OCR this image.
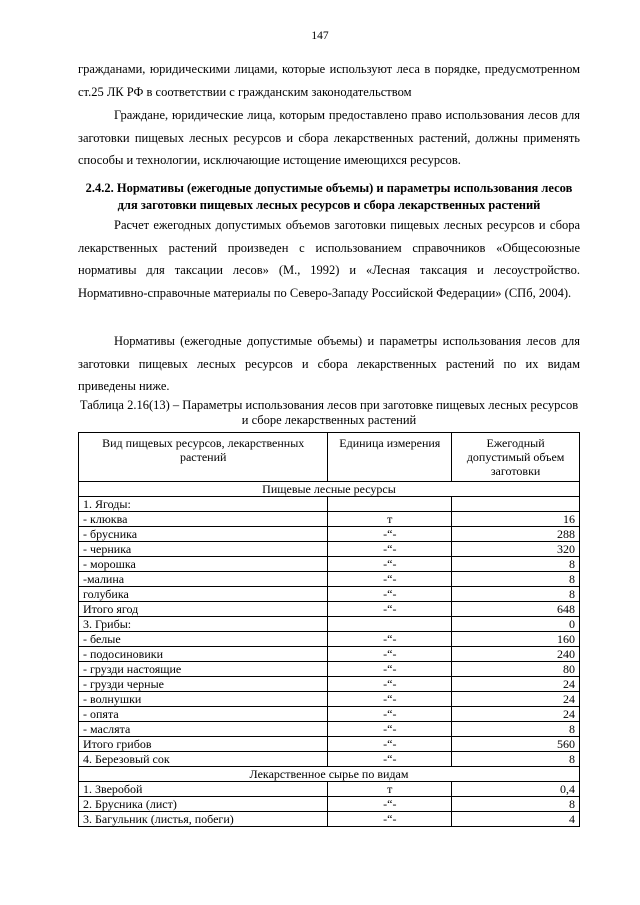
147

гражданами, юридическими лицами, которые используют леса в порядке, предусмотренном ст.25 ЛК РФ в соответствии с гражданским законодательством

Граждане, юридические лица, которым предоставлено право использования лесов для заготовки пищевых лесных ресурсов и сбора лекарственных растений, должны применять способы и технологии, исключающие истощение имеющихся ресурсов.

2.4.2. Нормативы (ежегодные допустимые объемы) и параметры использования лесов для заготовки пищевых лесных ресурсов и сбора лекарственных растений

Расчет ежегодных допустимых объемов заготовки пищевых лесных ресурсов и сбора лекарственных растений произведен с использованием справочников «Общесоюзные нормативы для таксации лесов» (М., 1992) и «Лесная таксация и лесоустройство. Нормативно-справочные материалы по Северо-Западу Российской Федерации» (СПб, 2004).

Нормативы (ежегодные допустимые объемы) и параметры использования лесов для заготовки пищевых лесных ресурсов и сбора лекарственных растений по их видам приведены ниже.

Таблица 2.16(13) – Параметры использования лесов при заготовке пищевых лесных ресурсов и сборе лекарственных растений
Вид пищевых ресурсов, лекарственных растений	Единица измерения	Ежегодный допустимый объем заготовки
Пищевые лесные ресурсы		
1. Ягоды:		
- клюква	т	16
- брусника	-“-	288
- черника	-“-	320
- морошка	-“-	8
-малина	-“-	8
голубика	-“-	8
Итого ягод	-“-	648
3. Грибы:		0
- белые	-“-	160
- подосиновики	-“-	240
- грузди настоящие	-“-	80
- грузди черные	-“-	24
- волнушки	-“-	24
- опята	-“-	24
- маслята	-“-	8
Итого грибов	-“-	560
4. Березовый сок	-“-	8
Лекарственное сырье по видам		
1. Зверобой	т	0,4
2. Брусника (лист)	-“-	8
3. Багульник (листья, побеги)	-“-	4
